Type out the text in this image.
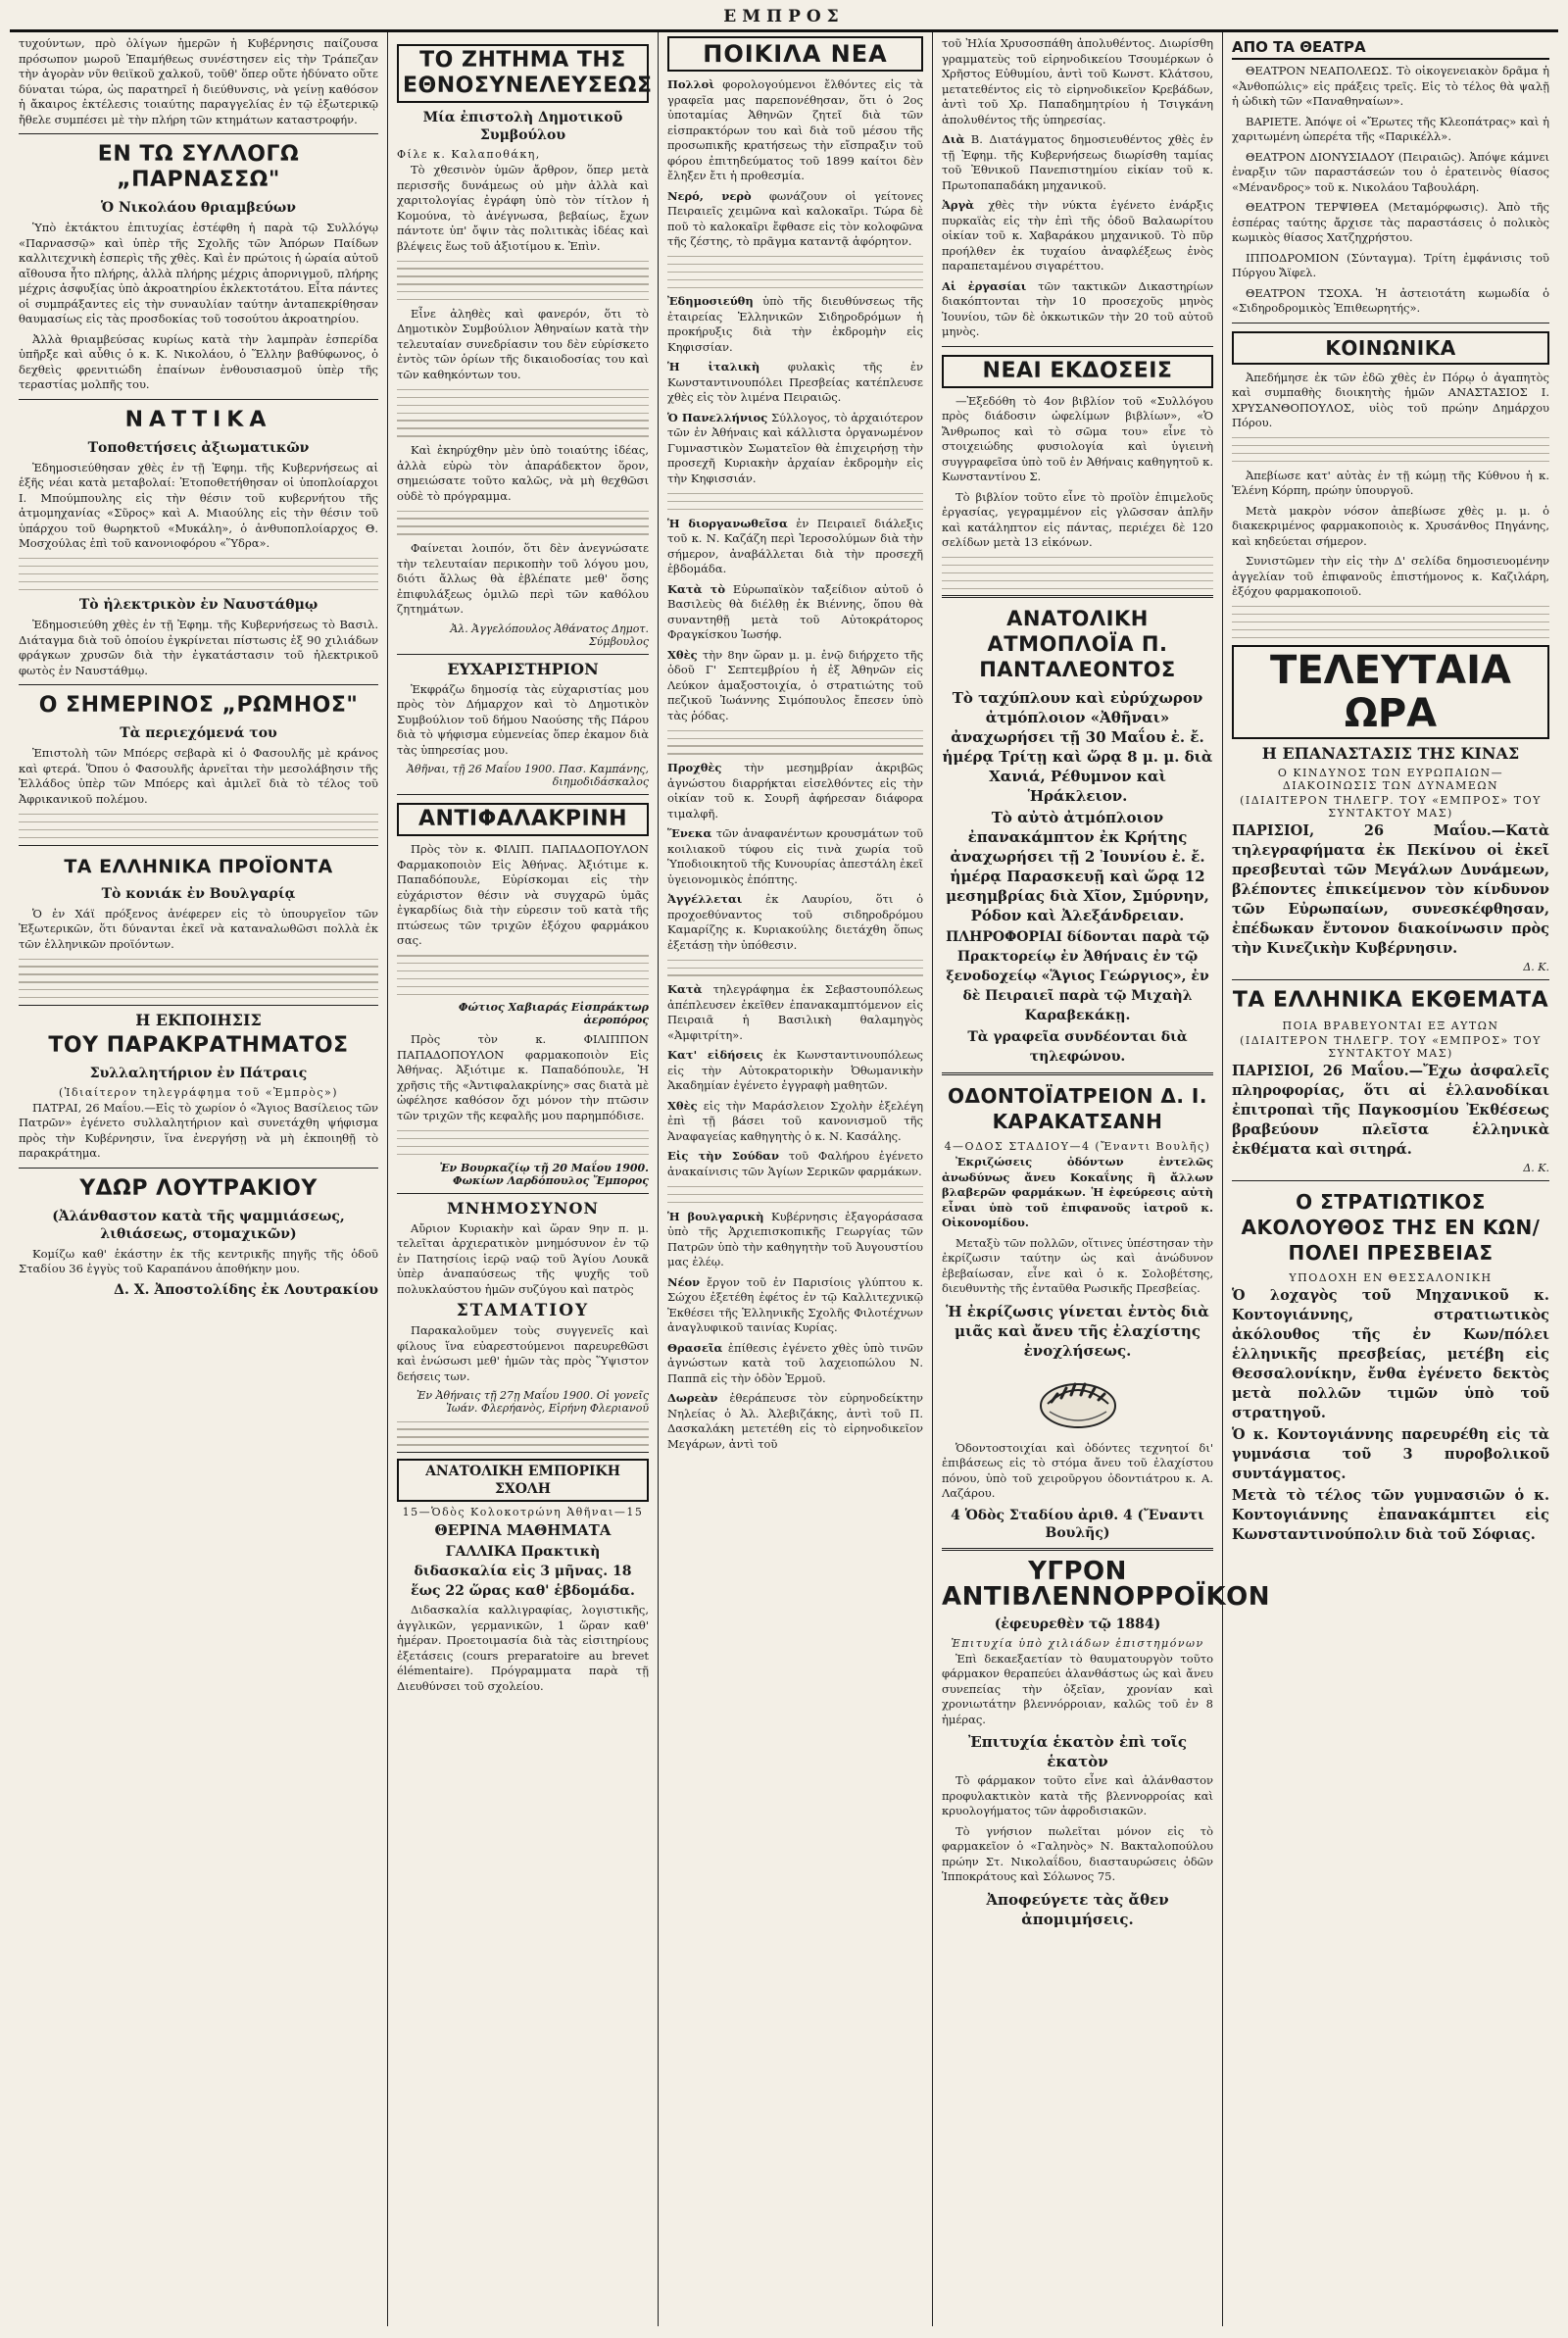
ΕΜΠΡΟΣ

τυχούντων, πρὸ ὀλίγων ἡμερῶν ἡ Κυβέρνησις παίζουσα πρόσωπον μωροῦ Ἐπαμήθεως συνέστησεν εἰς τὴν Τράπεζαν τὴν ἀγορὰν νῦν θειϊκοῦ χαλκοῦ, τοῦθ' ὅπερ οὔτε ἠδύνατο οὔτε δύναται τώρα, ὡς παρατηρεῖ ἡ διεύθυνσις, νὰ γείνῃ καθόσον ἡ ἄκαιρος ἐκτέλεσις τοιαύτης παραγγελίας ἐν τῷ ἐξωτερικῷ ἤθελε συμπέσει μὲ τὴν πλήρη τῶν κτημάτων καταστροφήν.

ΕΝ ΤΩ ΣΥΛΛΟΓΩ „ΠΑΡΝΑΣΣΩ"
Ὁ Νικολάου θριαμβεύων

Ὑπὸ ἐκτάκτου ἐπιτυχίας ἐστέφθη ἡ παρὰ τῷ Συλλόγῳ «Παρνασσῷ» καὶ ὑπὲρ τῆς Σχολῆς τῶν Ἀπόρων Παίδων καλλιτεχνικὴ ἑσπερὶς τῆς χθὲς. Καὶ ἐν πρώτοις ἡ ὡραία αὐτοῦ αἴθουσα ἦτο πλήρης, ἀλλὰ πλήρης μέχρις ἀπορνιγμοῦ, πλήρης μέχρις ἀσφυξίας ὑπὸ ἀκροατηρίου ἐκλεκτοτάτου. Εἶτα πάντες οἱ συμπράξαντες εἰς τὴν συναυλίαν ταύτην ἀνταπεκρίθησαν θαυμασίως εἰς τὰς προσδοκίας τοῦ τοσούτου ἀκροατηρίου.

Ἀλλὰ θριαμβεύσας κυρίως κατὰ τὴν λαμπρὰν ἑσπερίδα ὑπῆρξε καὶ αὖθις ὁ κ. Κ. Νικολάου, ὁ Ἕλλην βαθύφωνος, ὁ δεχθεὶς φρενιτιώδη ἐπαίνων ἐνθουσιασμοῦ ὑπὲρ τῆς τεραστίας μολπῆς του.

ΝΑΤΤΙΚΑ
Τοποθετήσεις ἀξιωματικῶν

Ἐδημοσιεύθησαν χθὲς ἐν τῇ Ἐφημ. τῆς Κυβερνήσεως αἱ ἑξῆς νέαι κατὰ μεταβολαί: Ἐτοποθετήθησαν οἱ ὑποπλοίαρχοι Ι. Μπούμπουλης εἰς τὴν θέσιν τοῦ κυβερνήτου τῆς ἀτμομηχανίας «Σῦρος» καὶ Α. Μιαούλης εἰς τὴν θέσιν τοῦ ὑπάρχου τοῦ θωρηκτοῦ «Μυκάλη», ὁ ἀνθυποπλοίαρχος Θ. Μοσχούλας ἐπὶ τοῦ κανονιοφόρου «Ὕδρα».

Τὸ ἠλεκτρικὸν ἐν Ναυστάθμῳ

Ἐδημοσιεύθη χθὲς ἐν τῇ Ἐφημ. τῆς Κυβερνήσεως τὸ Βασιλ. Διάταγμα διὰ τοῦ ὁποίου ἐγκρίνεται πίστωσις ἐξ 90 χιλιάδων φράγκων χρυσῶν διὰ τὴν ἐγκατάστασιν τοῦ ἠλεκτρικοῦ φωτὸς ἐν Ναυστάθμῳ.

Ο ΣΗΜΕΡΙΝΟΣ „ΡΩΜΗΟΣ"
Τὰ περιεχόμενά του

Ἐπιστολὴ τῶν Μπόερς σεβαρὰ κἰ ὁ Φασουλῆς μὲ κράνος καὶ φτερά. Ὅπου ὁ Φασουλῆς ἀρνεῖται τὴν μεσολάβησιν τῆς Ἑλλάδος ὑπὲρ τῶν Μπόερς καὶ ἀμιλεῖ διὰ τὸ τέλος τοῦ Ἀφρικανικοῦ πολέμου.

ΤΑ ΕΛΛΗΝΙΚΑ ΠΡΟΪΟΝΤΑ
Τὸ κονιάκ ἐν Βουλγαρίᾳ

Ὁ ἐν Χάϊ πρόξενος ἀνέφερεν εἰς τὸ ὑπουργεῖον τῶν Ἐξωτερικῶν, ὅτι δύνανται ἐκεῖ νὰ καταναλωθῶσι πολλὰ ἐκ τῶν ἑλληνικῶν προϊόντων.

Η ΕΚΠΟΙΗΣΙΣ
ΤΟΥ ΠΑΡΑΚΡΑΤΗΜΑΤΟΣ
Συλλαλητήριον ἐν Πάτραις
(Ἰδιαίτερον τηλεγράφημα τοῦ «Ἐμπρὸς»)

ΠΑΤΡΑΙ, 26 Μαΐου.—Εἰς τὸ χωρίον ὁ «Ἅγιος Βασίλειος τῶν Πατρῶν» ἐγένετο συλλαλητήριον καὶ συνετάχθη ψήφισμα πρὸς τὴν Κυβέρνησιν, ἵνα ἐνεργήσῃ νὰ μὴ ἐκποιηθῇ τὸ παρακράτημα.

ΥΔΩΡ ΛΟΥΤΡΑΚΙΟΥ
(Ἀλάνθαστον κατὰ τῆς ψαμμιάσεως, λιθιάσεως, στομαχικῶν)

Κομίζω καθ' ἑκάστην ἐκ τῆς κεντρικῆς πηγῆς τῆς ὁδοῦ Σταδίου 36 ἐγγὺς τοῦ Καραπάνου ἀποθήκην μου.

Δ. Χ. Ἀποστολίδης ἐκ Λουτρακίου
ΤΟ ΖΗΤΗΜΑ ΤΗΣ ΕΘΝΟΣΥΝΕΛΕΥΣΕΩΣ
Μία ἐπιστολὴ Δημοτικοῦ Συμβούλου
Φίλε κ. Καλαποθάκη,

Τὸ χθεσινὸν ὑμῶν ἄρθρον, ὅπερ μετὰ περισσῆς δυνάμεως οὐ μὴν ἀλλὰ καὶ χαριτολογίας ἐγράφη ὑπὸ τὸν τίτλον ἡ Κομούνα, τὸ ἀνέγνωσα, βεβαίως, ἔχων πάντοτε ὑπ' ὄψιν τὰς πολιτικὰς ἰδέας καὶ βλέψεις ἕως τοῦ ἀξιοτίμου κ. Ἐπὶν.

Εἶνε ἀληθὲς καὶ φανερόν, ὅτι τὸ Δημοτικὸν Συμβούλιον Ἀθηναίων κατὰ τὴν τελευταίαν συνεδρίασιν του δὲν εὑρίσκετο ἐντὸς τῶν ὁρίων τῆς δικαιοδοσίας του καὶ τῶν καθηκόντων του.

Καὶ ἐκηρύχθην μὲν ὑπὸ τοιαύτης ἰδέας, ἀλλὰ εὑρὼ τὸν ἀπαράδεκτον ὅρον, σημειώσατε τοῦτο καλῶς, νὰ μὴ θεχθῶσι οὐδὲ τὸ πρόγραμμα.

Φαίνεται λοιπόν, ὅτι δὲν ἀνεγνώσατε τὴν τελευταίαν περικοπὴν τοῦ λόγου μου, διότι ἄλλως θὰ ἐβλέπατε μεθ' ὅσης ἐπιφυλάξεως ὁμιλῶ περὶ τῶν καθόλου ζητημάτων.

Ἀλ. Ἀγγελόπουλος Ἀθάνατος Δημοτ. Σύμβουλος
ΕΥΧΑΡΙΣΤΗΡΙΟΝ

Ἐκφράζω δημοσίᾳ τὰς εὐχαριστίας μου πρὸς τὸν Δήμαρχον καὶ τὸ Δημοτικὸν Συμβούλιον τοῦ δήμου Ναούσης τῆς Πάρου διὰ τὸ ψήφισμα εὐμενείας ὅπερ ἐκαμον διὰ τὰς ὑπηρεσίας μου.

Ἀθῆναι, τῇ 26 Μαΐου 1900. Πασ. Καμπάνης, διημοδιδάσκαλος
ΑΝΤΙΦΑΛΑΚΡΙΝΗ

Πρὸς τὸν κ. ΦΙΛΙΠ. ΠΑΠΑΔΟΠΟΥΛΟΝ Φαρμακοποιὸν Εἰς Ἀθήνας. Ἀξιότιμε κ. Παπαδόπουλε, Εὐρίσκομαι εἰς τὴν εὐχάριστον θέσιν νὰ συγχαρῶ ὑμᾶς ἐγκαρδίως διὰ τὴν εὑρεσιν τοῦ κατὰ τῆς πτώσεως τῶν τριχῶν ἐξόχου φαρμάκου σας.

Φώτιος Χαβιαράς Εἰσπράκτωρ ἀεροπόρος

Πρὸς τὸν κ. ΦΙΛΙΠΠΟΝ ΠΑΠΑΔΟΠΟΥΛΟΝ φαρμακοποιὸν Εἰς Ἀθήνας. Ἀξιότιμε κ. Παπαδόπουλε, Ἡ χρῆσις τῆς «Ἀντιφαλακρίνης» σας διατὰ μὲ ὠφέλησε καθόσον ὄχι μόνον τὴν πτῶσιν τῶν τριχῶν τῆς κεφαλῆς μου παρημπόδισε.

Ἐν Βουρκαζίῳ τῇ 20 Μαΐου 1900. Φωκίων Λαρδόπουλος Ἔμπορος
ΜΝΗΜΟΣΥΝΟΝ

Αὔριον Κυριακὴν καὶ ὥραν 9ην π. μ. τελεῖται ἀρχιερατικὸν μνημόσυνον ἐν τῷ ἐν Πατησίοις ἱερῷ ναῷ τοῦ Ἁγίου Λουκᾶ ὑπὲρ ἀναπαύσεως τῆς ψυχῆς τοῦ πολυκλαύστου ἡμῶν συζύγου καὶ πατρὸς

ΣΤΑΜΑΤΙΟΥ

Παρακαλοῦμεν τοὺς συγγενεῖς καὶ φίλους ἵνα εὐαρεστούμενοι παρευρεθῶσι καὶ ἐνώσωσι μεθ' ἡμῶν τὰς πρὸς Ὕψιστον δεήσεις των.

Ἐν Ἀθήναις τῇ 27ῃ Μαΐου 1900. Οἱ γονεῖς Ἰωάν. Φλερήανὸς, Εἰρήνη Φλεριανοῦ
ΑΝΑΤΟΛΙΚΗ ΕΜΠΟΡΙΚΗ ΣΧΟΛΗ
15—Ὁδὸς Κολοκοτρώνη Ἀθῆναι—15
ΘΕΡΙΝΑ ΜΑΘΗΜΑΤΑ
ΓΑΛΛΙΚΑ Πρακτικὴ διδασκαλία εἰς 3 μῆνας. 18 ἕως 22 ὥρας καθ' ἑβδομάδα.

Διδασκαλία καλλιγραφίας, λογιστικῆς, ἀγγλικῶν, γερμανικῶν, 1 ὥραν καθ' ἡμέραν. Προετοιμασία διὰ τὰς εἰσιτηρίους ἐξετάσεις (cours preparatoire au brevet élémentaire). Πρόγραμματα παρὰ τῇ Διευθύνσει τοῦ σχολείου.

ΠΟΙΚΙΛΑ ΝΕΑ

Πολλοὶ φορολογούμενοι ἔλθόντες εἰς τὰ γραφεῖα μας παρεπονέθησαν, ὅτι ὁ 2ος ὑποταμίας Ἀθηνῶν ζητεῖ διὰ τῶν εἰσπρακτόρων του καὶ διὰ τοῦ μέσου τῆς προσωπικῆς κρατήσεως τὴν εἴσπραξιν τοῦ φόρου ἐπιτηδεύματος τοῦ 1899 καίτοι δὲν ἔληξεν ἔτι ἡ προθεσμία.

Νερό, νερὸ φωνάζουν οἱ γείτονες Πειραιεῖς χειμῶνα καὶ καλοκαῖρι. Τώρα δὲ ποῦ τὸ καλοκαῖρι ἔφθασε εἰς τὸν κολοφῶνα τῆς ζέστης, τὸ πρᾶγμα καταντᾷ ἀφόρητον.

Ἐδημοσιεύθη ὑπὸ τῆς διευθύνσεως τῆς ἐταιρείας Ἑλληνικῶν Σιδηροδρόμων ἡ προκήρυξις διὰ τὴν ἐκδρομὴν εἰς Κηφισσίαν.

Ἡ ἰταλικὴ φυλακὶς τῆς ἐν Κωνσταντινουπόλει Πρεσβείας κατέπλευσε χθὲς εἰς τὸν λιμένα Πειραιῶς.

Ὁ Πανελλήνιος Σύλλογος, τὸ ἀρχαιότερον τῶν ἐν Ἀθήναις καὶ κάλλιστα ὀργανωμένον Γυμναστικὸν Σωματεῖον θὰ ἐπιχειρήσῃ τὴν προσεχῆ Κυριακὴν ἀρχαίαν ἐκδρομὴν εἰς τὴν Κηφισσιάν.

Ἡ διοργανωθεῖσα ἐν Πειραιεῖ διάλεξις τοῦ κ. Ν. Καζάζη περὶ Ἱεροσολύμων διὰ τὴν σήμερον, ἀναβάλλεται διὰ τὴν προσεχῆ ἑβδομάδα.

Κατὰ τὸ Εὐρωπαϊκὸν ταξείδιον αὐτοῦ ὁ Βασιλεὺς θὰ διέλθῃ ἐκ Βιέννης, ὅπου θὰ συναντηθῇ μετὰ τοῦ Αὐτοκράτορος Φραγκίσκου Ἰωσήφ.

Χθὲς τὴν 8ην ὥραν μ. μ. ἐνῷ διήρχετο τῆς ὁδοῦ Γ' Σεπτεμβρίου ἡ ἐξ Ἀθηνῶν εἰς Λεύκον ἁμαξοστοιχία, ὁ στρατιώτης τοῦ πεζικοῦ Ἰωάννης Σιμόπουλος ἔπεσεν ὑπὸ τὰς ῥόδας.

Προχθὲς τὴν μεσημβρίαν ἀκριβῶς ἀγνώστου διαρρήκται εἰσελθόντες εἰς τὴν οἰκίαν τοῦ κ. Σουρῆ ἀφήρεσαν διάφορα τιμαλφῆ.

Ἕνεκα τῶν ἀναφανέντων κρουσμάτων τοῦ κοιλιακοῦ τύφου εἰς τινὰ χωρία τοῦ Ὑποδιοικητοῦ τῆς Κυνουρίας ἀπεστάλη ἐκεῖ ὑγειονομικὸς ἐπόπτης.

Ἀγγέλλεται ἐκ Λαυρίου, ὅτι ὁ προχοεθύναντος τοῦ σιδηροδρόμου Καμαρίζης κ. Κυριακούλης διετάχθη ὅπως ἐξετάσῃ τὴν ὑπόθεσιν.

Κατὰ τηλεγράφημα ἐκ Σεβαστουπόλεως ἀπέπλευσεν ἐκεῖθεν ἐπανακαμπτόμενον εἰς Πειραιᾶ ἡ Βασιλικὴ θαλαμηγὸς «Ἀμφιτρίτη».

Κατ' εἰδήσεις ἐκ Κωνσταντινουπόλεως εἰς τὴν Αὐτοκρατορικὴν Ὀθωμανικὴν Ἀκαδημίαν ἐγένετο ἐγγραφὴ μαθητῶν.

Χθὲς εἰς τὴν Μαράσλειον Σχολὴν ἐξελέγη ἐπὶ τῇ βάσει τοῦ κανονισμοῦ τῆς Ἀναφαγείας καθηγητὴς ὁ κ. Ν. Κασάλης.

Εἰς τὴν Σούδαν τοῦ Φαλήρου ἐγένετο ἀνακαίνισις τῶν Ἁγίων Σερικῶν φαρμάκων.

Ἡ βουλγαρικὴ Κυβέρνησις ἐξαγοράσασα ὑπὸ τῆς Ἀρχιεπισκοπικῆς Γεωργίας τῶν Πατρῶν ὑπὸ τὴν καθηγητὴν τοῦ Ἀυγουστίου μας ἐλέῳ.

Νέον ἔργον τοῦ ἐν Παρισίοις γλύπτου κ. Σώχου ἐξετέθη ἐφέτος ἐν τῷ Καλλιτεχνικῷ Ἐκθέσει τῆς Ἑλληνικῆς Σχολῆς Φιλοτέχνων ἀναγλυφικοῦ ταινίας Κυρίας.

Θρασεῖα ἐπίθεσις ἐγένετο χθὲς ὑπὸ τινῶν ἀγνώστων κατὰ τοῦ λαχειοπώλου Ν. Παππᾶ εἰς τὴν ὁδὸν Ἑρμοῦ.

Δωρεὰν ἐθεράπευσε τὸν εὐρηνοδείκτην Νηλείας ὁ Ἀλ. Ἀλεβιζάκης, ἀντὶ τοῦ Π. Δασκαλάκη μετετέθη εἰς τὸ εἰρηνοδικεῖον Μεγάρων, ἀντὶ τοῦ

τοῦ Ἠλία Χρυσοσπάθη ἀπολυθέντος. Διωρίσθη γραμματεὺς τοῦ εἰρηνοδικείου Τσουμέρκων ὁ Χρῆστος Εὐθυμίου, ἀντὶ τοῦ Κωνστ. Κλάτσου, μετατεθέντος εἰς τὸ εἰρηνοδικεῖον Κρεβάδων, ἀντὶ τοῦ Χρ. Παπαδημητρίου ἡ Τσιγκάνη ἀπολυθέντος τῆς ὑπηρεσίας.

Διὰ Β. Διατάγματος δημοσιευθέντος χθὲς ἐν τῇ Ἐφημ. τῆς Κυβερνήσεως διωρίσθη ταμίας τοῦ Ἐθνικοῦ Πανεπιστημίου εἰκίαν τοῦ κ. Πρωτοπαπαδάκη μηχανικοῦ.

Ἀργὰ χθὲς τὴν νύκτα ἐγένετο ἐνάρξις πυρκαϊὰς εἰς τὴν ἐπὶ τῆς ὁδοῦ Βαλαωρίτου οἰκίαν τοῦ κ. Χαβαράκου μηχανικοῦ. Τὸ πῦρ προήλθεν ἐκ τυχαίου ἀναφλέξεως ἐνὸς παραπεταμένου σιγαρέττου.

Αἱ ἐργασίαι τῶν τακτικῶν Δικαστηρίων διακόπτονται τὴν 10 προσεχοῦς μηνὸς Ἰουνίου, τῶν δὲ ὀκκωτικῶν τὴν 20 τοῦ αὐτοῦ μηνὸς.

ΝΕΑΙ ΕΚΔΟΣΕΙΣ

—Ἐξεδόθη τὸ 4ον βιβλίον τοῦ «Συλλόγου πρὸς διάδοσιν ὠφελίμων βιβλίων», «Ὁ Ἄνθρωπος καὶ τὸ σῶμα του» εἶνε τὸ στοιχειώδης φυσιολογία καὶ ὑγιεινὴ συγγραφεῖσα ὑπὸ τοῦ ἐν Ἀθήναις καθηγητοῦ κ. Κωνσταντίνου Σ.

Τὸ βιβλίον τοῦτο εἶνε τὸ προϊὸν ἐπιμελοῦς ἐργασίας, γεγραμμένον εἰς γλῶσσαν ἁπλῆν καὶ κατάληπτον εἰς πάντας, περιέχει δὲ 120 σελίδων μετὰ 13 εἰκόνων.

ΑΝΑΤΟΛΙΚΗ ΑΤΜΟΠΛΟΪΑ Π. ΠΑΝΤΑΛΕΟΝΤΟΣ
Τὸ ταχύπλουν καὶ εὐρύχωρον ἀτμόπλοιον «Ἀθῆναι» ἀναχωρήσει τῇ 30 Μαΐου ἐ. ἔ. ἡμέρᾳ Τρίτῃ καὶ ὥρᾳ 8 μ. μ. διὰ Χανιά, Ρέθυμνον καὶ Ἡράκλειον.
Τὸ αὐτὸ ἀτμόπλοιον ἐπανακάμπτον ἐκ Κρήτης ἀναχωρήσει τῇ 2 Ἰουνίου ἐ. ἔ. ἡμέρᾳ Παρασκευῇ καὶ ὥρᾳ 12 μεσημβρίας διὰ Χῖον, Σμύρνην, Ρόδον καὶ Ἀλεξάνδρειαν.
ΠΛΗΡΟΦΟΡΙΑΙ δίδονται παρὰ τῷ Πρακτορείῳ ἐν Ἀθήναις ἐν τῷ ξενοδοχείῳ «Ἅγιος Γεώργιος», ἐν δὲ Πειραιεῖ παρὰ τῷ Μιχαὴλ Καραβεκάκῃ.
Τὰ γραφεῖα συνδέονται διὰ τηλεφώνου.
ΟΔΟΝΤΟΪΑΤΡΕΙΟΝ Δ. Ι. ΚΑΡΑΚΑΤΣΑΝΗ
4—ΟΔΟΣ ΣΤΑΔΙΟΥ—4 (Ἔναντι Βουλῆς)

Ἐκριζώσεις ὀδόντων ἐντελῶς ἀνωδύνως ἄνευ Κοκαΐνης ἢ ἄλλων βλαβερῶν φαρμάκων. Ἡ ἐφεύρεσις αὐτὴ εἶναι ὑπὸ τοῦ ἐπιφανοῦς ἰατροῦ κ. Οἰκονομίδου.

Μεταξὺ τῶν πολλῶν, οἵτινες ὑπέστησαν τὴν ἐκρίζωσιν ταύτην ὡς καὶ ἀνώδυνον ἐβεβαίωσαν, εἶνε καὶ ὁ κ. Σολοβέτσης, διευθυντὴς τῆς ἐνταῦθα Ρωσικῆς Πρεσβείας.

Ἡ ἐκρίζωσις γίνεται ἐντὸς διὰ μιᾶς καὶ ἄνευ τῆς ἐλαχίστης ἐνοχλήσεως.

Ὁδοντοστοιχίαι καὶ ὀδόντες τεχνητοί δι' ἐπιβάσεως εἰς τὸ στόμα ἄνευ τοῦ ἐλαχίστου πόνου, ὑπὸ τοῦ χειροῦργου ὀδοντιάτρου κ. Α. Λαζάρου.

4 Ὁδὸς Σταδίου ἀριθ. 4 (Ἔναντι Βουλῆς)
ΥΓΡΟΝ ΑΝΤΙΒΛΕΝΝΟΡΡΟΪΚΟΝ
(ἐφευρεθὲν τῷ 1884)
Ἐπιτυχία ὑπὸ χιλιάδων ἐπιστημόνων

Ἐπὶ δεκαεξαετίαν τὸ θαυματουργὸν τοῦτο φάρμακον θεραπεύει ἀλανθάστως ὡς καὶ ἄνευ συνεπείας τὴν ὀξεῖαν, χρονίαν καὶ χρονιωτάτην βλεννόρροιαν, καλῶς τοῦ ἐν 8 ἡμέρας.

Ἐπιτυχία ἑκατὸν ἐπὶ τοῖς ἑκατὸν

Τὸ φάρμακον τοῦτο εἶνε καὶ ἀλάνθαστον προφυλακτικὸν κατὰ τῆς βλεννορροίας καὶ κρυολογήματος τῶν ἀφροδισιακῶν.

Τὸ γνήσιον πωλεῖται μόνον εἰς τὸ φαρμακεῖον ὁ «Γαληνὸς» Ν. Βακταλοπούλου πρώην Στ. Νικολαΐδου, διασταυρώσεις ὁδῶν Ἱπποκράτους καὶ Σόλωνος 75.

Ἀποφεύγετε τὰς ἄθεν ἀπομιμήσεις.
ΑΠΟ ΤΑ ΘΕΑΤΡΑ

ΘΕΑΤΡΟΝ ΝΕΑΠΟΛΕΩΣ. Τὸ οἰκογενειακὸν δρᾶμα ἡ «Ἀνθοπώλις» εἰς πράξεις τρεῖς. Εἰς τὸ τέλος θὰ ψαλῇ ἡ ὠδικὴ τῶν «Παναθηναίων».

ΒΑΡΙΕΤΕ. Ἀπόψε οἱ «Ἔρωτες τῆς Κλεοπάτρας» καὶ ἡ χαριτωμένη ὠπερέτα τῆς «Παρικέλλ».

ΘΕΑΤΡΟΝ ΔΙΟΝΥΣΙΑΔΟΥ (Πειραιῶς). Ἀπόψε κάμνει ἐναρξιν τῶν παραστάσεών του ὁ ἐρατεινὸς θίασος «Μένανδρος» τοῦ κ. Νικολάου Ταβουλάρη.

ΘΕΑΤΡΟΝ ΤΕΡΨΙΘΕΑ (Μεταμόρφωσις). Ἀπὸ τῆς ἑσπέρας ταύτης ἄρχισε τὰς παραστάσεις ὁ πολικὸς κωμικὸς θίασος Χατζηχρήστου.

ΙΠΠΟΔΡΟΜΙΟΝ (Σύνταγμα). Τρίτη ἐμφάνισις τοῦ Πύργου Ἄϊφελ.

ΘΕΑΤΡΟΝ ΤΣΟΧΑ. Ἡ ἀστειοτάτη κωμωδία ὁ «Σιδηροδρομικὸς Ἐπιθεωρητής».

ΚΟΙΝΩΝΙΚΑ

Ἀπεδήμησε ἐκ τῶν ἐδῶ χθὲς ἐν Πόρῳ ὁ ἀγαπητὸς καὶ συμπαθὴς διοικητὴς ἡμῶν ΑΝΑΣΤΑΣΙΟΣ Ι. ΧΡΥΣΑΝΘΟΠΟΥΛΟΣ, υἱὸς τοῦ πρώην Δημάρχου Πόρου.

Ἀπεβίωσε κατ' αὐτὰς ἐν τῇ κώμῃ τῆς Κύθνου ἡ κ. Ἑλένη Κόρπη, πρώην ὑπουργοῦ.

Μετὰ μακρὸν νόσον ἀπεβίωσε χθὲς μ. μ. ὁ διακεκριμένος φαρμακοποιὸς κ. Χρυσάνθος Πηγάνης, καὶ κηδεύεται σήμερον.

Συνιστῶμεν τὴν εἰς τὴν Δ' σελίδα δημοσιευομένην ἀγγελίαν τοῦ ἐπιφανοῦς ἐπιστήμονος κ. Καζιλάρη, ἐξόχου φαρμακοποιοῦ.

ΤΕΛΕΥΤΑΙΑ ΩΡΑ
Η ΕΠΑΝΑΣΤΑΣΙΣ ΤΗΣ ΚΙΝΑΣ
Ο ΚΙΝΔΥΝΟΣ ΤΩΝ ΕΥΡΩΠΑΙΩΝ—ΔΙΑΚΟΙΝΩΣΙΣ ΤΩΝ ΔΥΝΑΜΕΩΝ
(ΙΔΙΑΙΤΕΡΟΝ ΤΗΛΕΓΡ. ΤΟΥ «ΕΜΠΡΟΣ» ΤΟΥ ΣΥΝΤΑΚΤΟΥ ΜΑΣ)
ΠΑΡΙΣΙΟΙ, 26 Μαΐου.—Κατὰ τηλεγραφήματα ἐκ Πεκίνου οἱ ἐκεῖ πρεσβευταὶ τῶν Μεγάλων Δυνάμεων, βλέποντες ἐπικείμενον τὸν κίνδυνον τῶν Εὐρωπαίων, συνεσκέφθησαν, ἐπέδωκαν ἔντονον διακοίνωσιν πρὸς τὴν Κινεζικὴν Κυβέρνησιν.
Δ. Κ.
ΤΑ ΕΛΛΗΝΙΚΑ ΕΚΘΕΜΑΤΑ
ΠΟΙΑ ΒΡΑΒΕΥΟΝΤΑΙ ΕΞ ΑΥΤΩΝ
(ΙΔΙΑΙΤΕΡΟΝ ΤΗΛΕΓΡ. ΤΟΥ «ΕΜΠΡΟΣ» ΤΟΥ ΣΥΝΤΑΚΤΟΥ ΜΑΣ)
ΠΑΡΙΣΙΟΙ, 26 Μαΐου.—Ἔχω ἀσφαλεῖς πληροφορίας, ὅτι αἱ ἑλλανοδίκαι ἐπιτροπαὶ τῆς Παγκοσμίου Ἐκθέσεως βραβεύουν πλεῖστα ἑλληνικὰ ἐκθέματα καὶ σιτηρά.
Δ. Κ.
Ο ΣΤΡΑΤΙΩΤΙΚΟΣ ΑΚΟΛΟΥΘΟΣ ΤΗΣ ΕΝ ΚΩΝ/ΠΟΛΕΙ ΠΡΕΣΒΕΙΑΣ
ΥΠΟΔΟΧΗ ΕΝ ΘΕΣΣΑΛΟΝΙΚΗ
Ὁ λοχαγὸς τοῦ Μηχανικοῦ κ. Κοντογιάννης, στρατιωτικὸς ἀκόλουθος τῆς ἐν Κων/πόλει ἑλληνικῆς πρεσβείας, μετέβη εἰς Θεσσαλονίκην, ἔνθα ἐγένετο δεκτὸς μετὰ πολλῶν τιμῶν ὑπὸ τοῦ στρατηγοῦ.
Ὁ κ. Κοντογιάννης παρευρέθη εἰς τὰ γυμνάσια τοῦ 3 πυροβολικοῦ συντάγματος.
Μετὰ τὸ τέλος τῶν γυμνασιῶν ὁ κ. Κοντογιάννης ἐπανακάμπτει εἰς Κωνσταντινούπολιν διὰ τοῦ Σόφιας.
